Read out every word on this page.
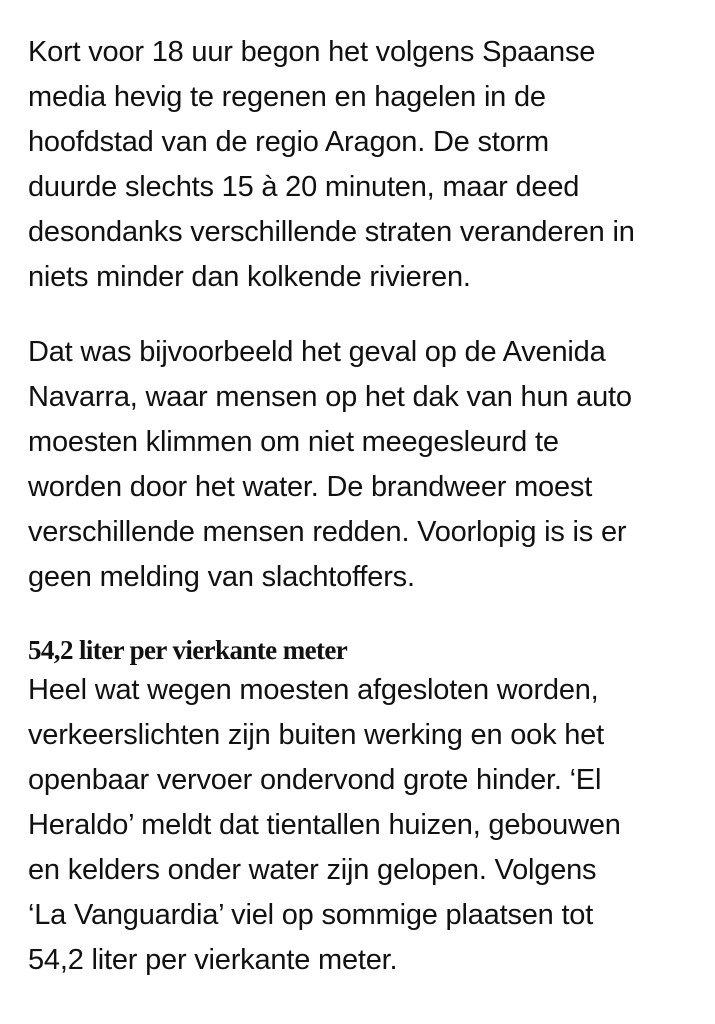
Kort voor 18 uur begon het volgens Spaanse
media hevig te regenen en hagelen in de
hoofdstad van de regio Aragon. De storm
duurde slechts 15 à 20 minuten, maar deed
desondanks verschillende straten veranderen in
niets minder dan kolkende rivieren.

Dat was bijvoorbeeld het geval op de Avenida
Navarra, waar mensen op het dak van hun auto
moesten klimmen om niet meegesleurd te
worden door het water. De brandweer moest
verschillende mensen redden. Voorlopig is is er
geen melding van slachtoffers.

54,2 liter per vierkante meter

Heel wat wegen moesten afgesloten worden,
verkeerslichten zijn buiten werking en ook het
openbaar vervoer ondervond grote hinder. ‘El
Heraldo’ meldt dat tientallen huizen, gebouwen
en kelders onder water zijn gelopen. Volgens
‘La Vanguardia’ viel op sommige plaatsen tot
54,2 liter per vierkante meter.
